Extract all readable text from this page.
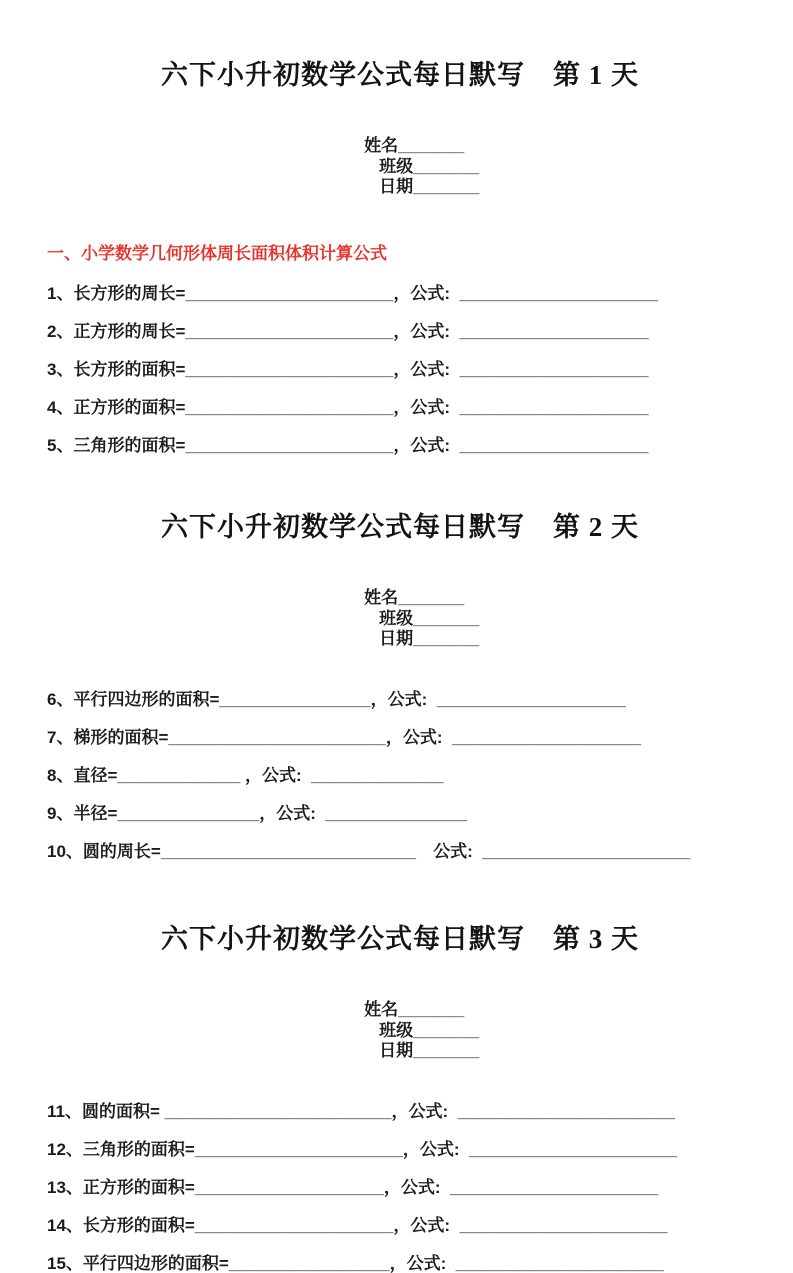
六下小升初数学公式每日默写　第 1 天

姓名_______
班级_______
日期_______

一、小学数学几何形体周长面积体积计算公式
1、长方形的周长=______________________，公式:  _____________________
2、正方形的周长=______________________，公式:  ____________________
3、长方形的面积=______________________，公式:  ____________________
4、正方形的面积=______________________，公式:  ____________________
5、三角形的面积=______________________，公式:  ____________________
六下小升初数学公式每日默写　第 2 天

姓名_______
班级_______
日期_______

6、平行四边形的面积=________________，公式:  ____________________
7、梯形的面积=_______________________，公式:  ____________________
8、直径=_____________ ，公式:  ______________
9、半径=_______________，公式:  _______________
10、圆的周长=___________________________　公式:  ______________________
六下小升初数学公式每日默写　第 3 天

姓名_______
班级_______
日期_______

11、圆的面积= ________________________，公式:  _______________________
12、三角形的面积=______________________，公式:  ______________________
13、正方形的面积=____________________，公式:  ______________________
14、长方形的面积=_____________________，公式:  ______________________
15、平行四边形的面积=_________________，公式:  ______________________
